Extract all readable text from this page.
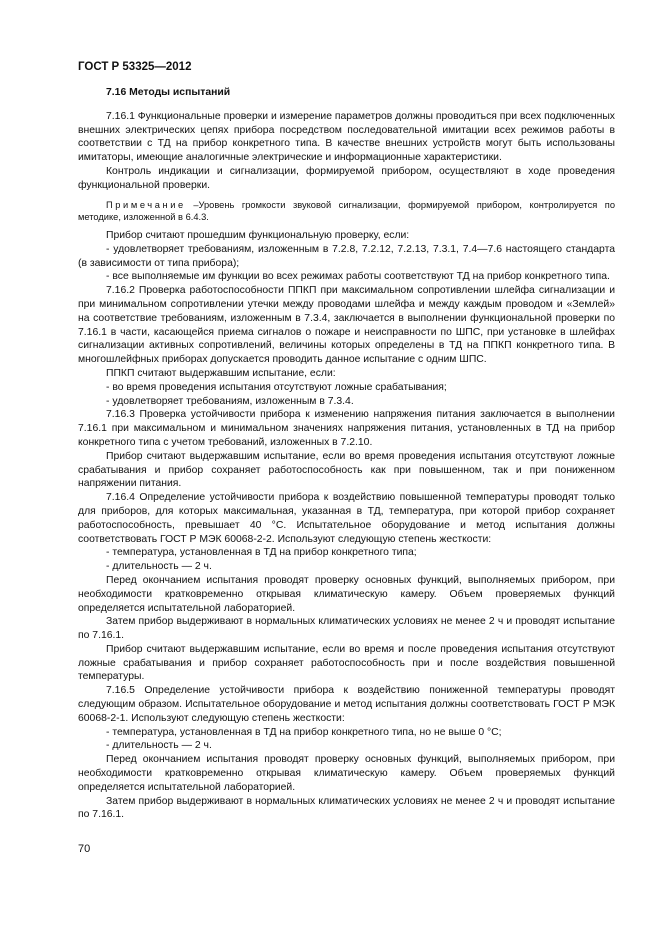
ГОСТ Р 53325—2012

7.16 Методы испытаний

7.16.1 Функциональные проверки и измерение параметров должны проводиться при всех подключенных внешних электрических цепях прибора посредством последовательной имитации всех режимов работы в соответствии с ТД на прибор конкретного типа. В качестве внешних устройств могут быть использованы имитаторы, имеющие аналогичные электрические и информационные характеристики.

Контроль индикации и сигнализации, формируемой прибором, осуществляют в ходе проведения функциональной проверки.

Примечание –Уровень громкости звуковой сигнализации, формируемой прибором, контролируется по методике, изложенной в 6.4.3.

Прибор считают прошедшим функциональную проверку, если:

- удовлетворяет требованиям, изложенным в 7.2.8, 7.2.12, 7.2.13, 7.3.1, 7.4—7.6 настоящего стандарта (в зависимости от типа прибора);

- все выполняемые им функции во всех режимах работы соответствуют ТД на прибор конкретного типа.

7.16.2 Проверка работоспособности ППКП при максимальном сопротивлении шлейфа сигнализации и при минимальном сопротивлении утечки между проводами шлейфа и между каждым проводом и «Землей» на соответствие требованиям, изложенным в 7.3.4, заключается в выполнении функциональной проверки по 7.16.1 в части, касающейся приема сигналов о пожаре и неисправности по ШПС, при установке в шлейфах сигнализации активных сопротивлений, величины которых определены в ТД на ППКП конкретного типа. В многошлейфных приборах допускается проводить данное испытание с одним ШПС.

ППКП считают выдержавшим испытание, если:

- во время проведения испытания отсутствуют ложные срабатывания;

- удовлетворяет требованиям, изложенным в 7.3.4.

7.16.3 Проверка устойчивости прибора к изменению напряжения питания заключается в выполнении 7.16.1 при максимальном и минимальном значениях напряжения питания, установленных в ТД на прибор конкретного типа с учетом требований, изложенных в 7.2.10.

Прибор считают выдержавшим испытание, если во время проведения испытания отсутствуют ложные срабатывания и прибор сохраняет работоспособность как при повышенном, так и при пониженном напряжении питания.

7.16.4 Определение устойчивости прибора к воздействию повышенной температуры проводят только для приборов, для которых максимальная, указанная в ТД, температура, при которой прибор сохраняет работоспособность, превышает 40 °С. Испытательное оборудование и метод испытания должны соответствовать ГОСТ Р МЭК 60068-2-2. Используют следующую степень жесткости:

- температура, установленная в ТД на прибор конкретного типа;

- длительность — 2 ч.

Перед окончанием испытания проводят проверку основных функций, выполняемых прибором, при необходимости кратковременно открывая климатическую камеру. Объем проверяемых функций определяется испытательной лабораторией.

Затем прибор выдерживают в нормальных климатических условиях не менее 2 ч и проводят испытание по 7.16.1.

Прибор считают выдержавшим испытание, если во время и после проведения испытания отсутствуют ложные срабатывания и прибор сохраняет работоспособность при и после воздействия повышенной температуры.

7.16.5 Определение устойчивости прибора к воздействию пониженной температуры проводят следующим образом. Испытательное оборудование и метод испытания должны соответствовать ГОСТ Р МЭК 60068-2-1. Используют следующую степень жесткости:

- температура, установленная в ТД на прибор конкретного типа, но не выше 0 °С;

- длительность — 2 ч.

Перед окончанием испытания проводят проверку основных функций, выполняемых прибором, при необходимости кратковременно открывая климатическую камеру. Объем проверяемых функций определяется испытательной лабораторией.

Затем прибор выдерживают в нормальных климатических условиях не менее 2 ч и проводят испытание по 7.16.1.

70
